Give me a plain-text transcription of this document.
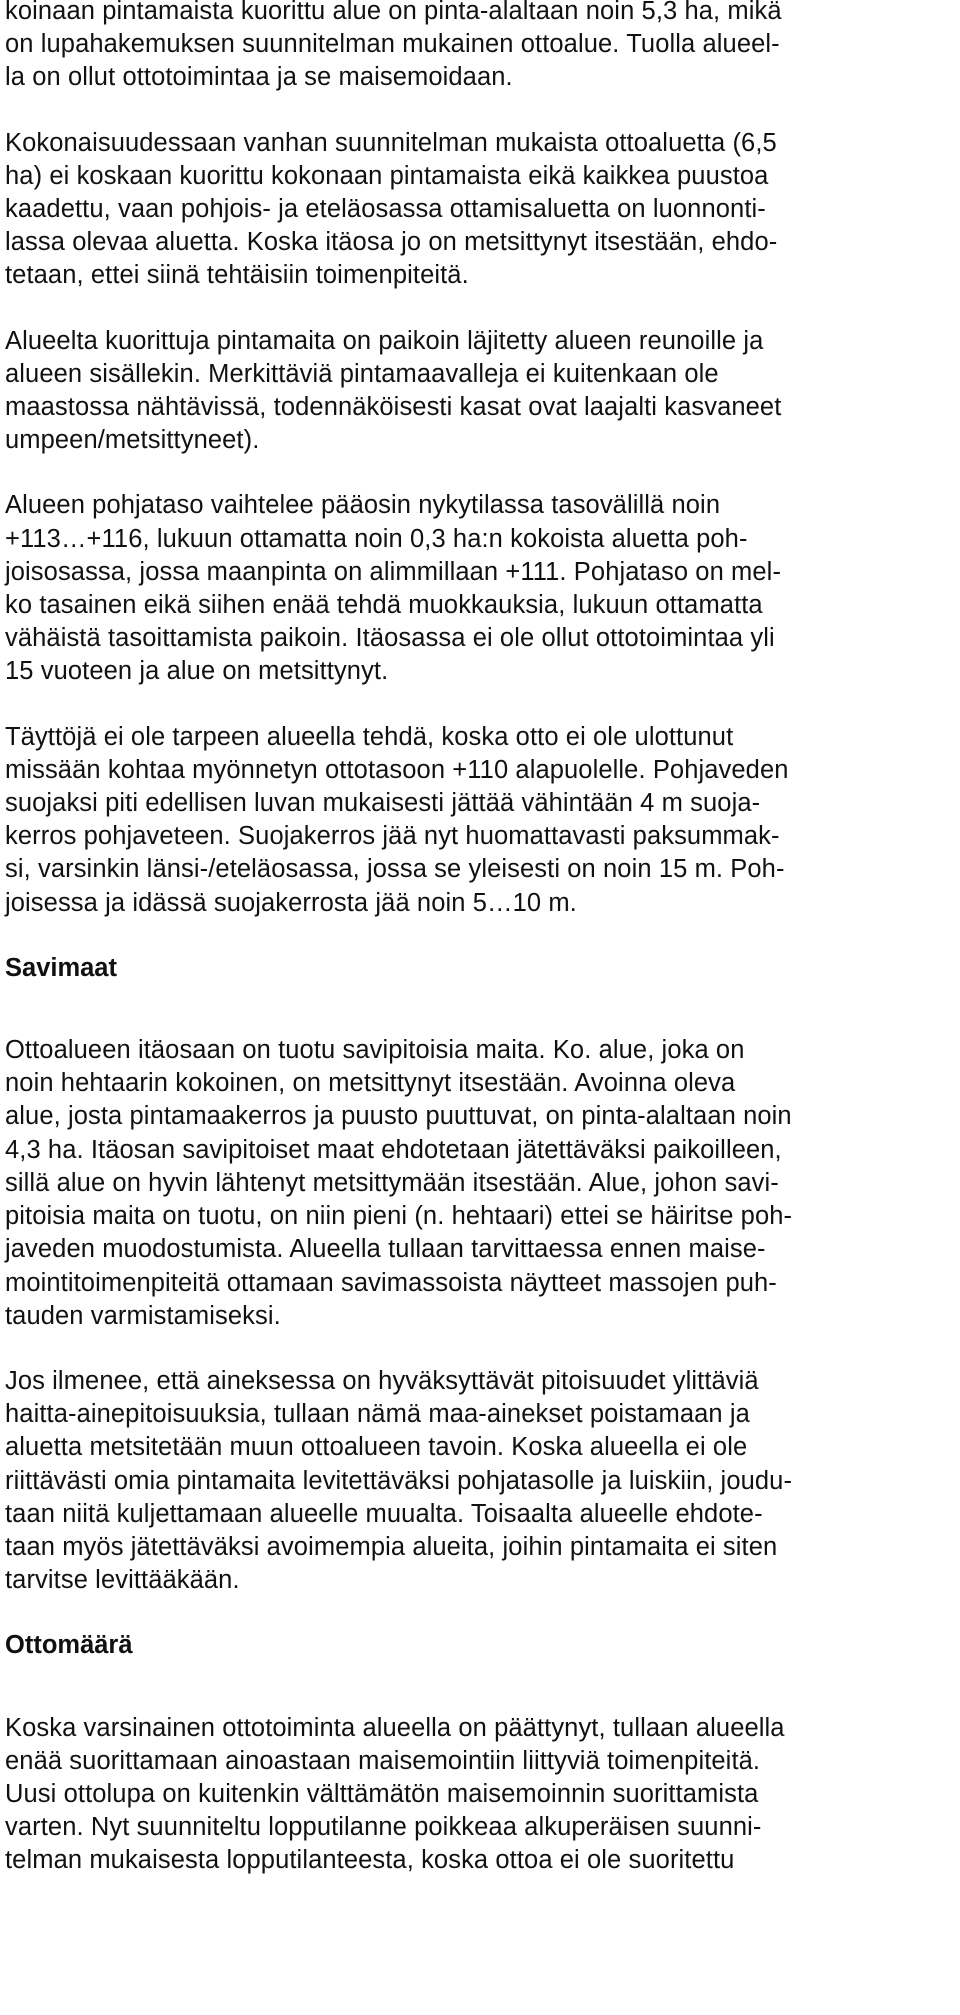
koinaan pintamaista kuorittu alue on pinta-alaltaan noin 5,3 ha, mikä
on lupahakemuksen suunnitelman mukainen ottoalue. Tuolla alueel-
la on ollut ottotoimintaa ja se maisemoidaan.
Kokonaisuudessaan vanhan suunnitelman mukaista ottoaluetta (6,5
ha) ei koskaan kuorittu kokonaan pintamaista eikä kaikkea puustoa
kaadettu, vaan pohjois- ja eteläosassa ottamisaluetta on luonnonti-
lassa olevaa aluetta. Koska itäosa jo on metsittynyt itsestään, ehdo-
tetaan, ettei siinä tehtäisiin toimenpiteitä.
Alueelta kuorittuja pintamaita on paikoin läjitetty alueen reunoille ja
alueen sisällekin. Merkittäviä pintamaavalleja ei kuitenkaan ole
maastossa nähtävissä, todennäköisesti kasat ovat laajalti kasvaneet
umpeen/metsittyneet).
Alueen pohjataso vaihtelee pääosin nykytilassa tasovälillä noin
+113…+116, lukuun ottamatta noin 0,3 ha:n kokoista aluetta poh-
joisosassa, jossa maanpinta on alimmillaan +111. Pohjataso on mel-
ko tasainen eikä siihen enää tehdä muokkauksia, lukuun ottamatta
vähäistä tasoittamista paikoin. Itäosassa ei ole ollut ottotoimintaa yli
15 vuoteen ja alue on metsittynyt.
Täyttöjä ei ole tarpeen alueella tehdä, koska otto ei ole ulottunut
missään kohtaa myönnetyn ottotasoon +110 alapuolelle. Pohjaveden
suojaksi piti edellisen luvan mukaisesti jättää vähintään 4 m suoja-
kerros pohjaveteen. Suojakerros jää nyt huomattavasti paksummak-
si, varsinkin länsi-/eteläosassa, jossa se yleisesti on noin 15 m. Poh-
joisessa ja idässä suojakerrosta jää noin 5…10 m.
Savimaat
Ottoalueen itäosaan on tuotu savipitoisia maita. Ko. alue, joka on
noin hehtaarin kokoinen, on metsittynyt itsestään. Avoinna oleva
alue, josta pintamaakerros ja puusto puuttuvat, on pinta-alaltaan noin
4,3 ha. Itäosan savipitoiset maat ehdotetaan jätettäväksi paikoilleen,
sillä alue on hyvin lähtenyt metsittymään itsestään. Alue, johon savi-
pitoisia maita on tuotu, on niin pieni (n. hehtaari) ettei se häiritse poh-
javeden muodostumista. Alueella tullaan tarvittaessa ennen maise-
mointitoimenpiteitä ottamaan savimassoista näytteet massojen puh-
tauden varmistamiseksi.
Jos ilmenee, että aineksessa on hyväksyttävät pitoisuudet ylittäviä
haitta-ainepitoisuuksia, tullaan nämä maa-ainekset poistamaan ja
aluetta metsitetään muun ottoalueen tavoin. Koska alueella ei ole
riittävästi omia pintamaita levitettäväksi pohjatasolle ja luiskiin, joudu-
taan niitä kuljettamaan alueelle muualta. Toisaalta alueelle ehdote-
taan myös jätettäväksi avoimempia alueita, joihin pintamaita ei siten
tarvitse levittääkään.
Ottomäärä
Koska varsinainen ottotoiminta alueella on päättynyt, tullaan alueella
enää suorittamaan ainoastaan maisemointiin liittyviä toimenpiteitä.
Uusi ottolupa on kuitenkin välttämätön maisemoinnin suorittamista
varten. Nyt suunniteltu lopputilanne poikkeaa alkuperäisen suunni-
telman mukaisesta lopputilanteesta, koska ottoa ei ole suoritettu
